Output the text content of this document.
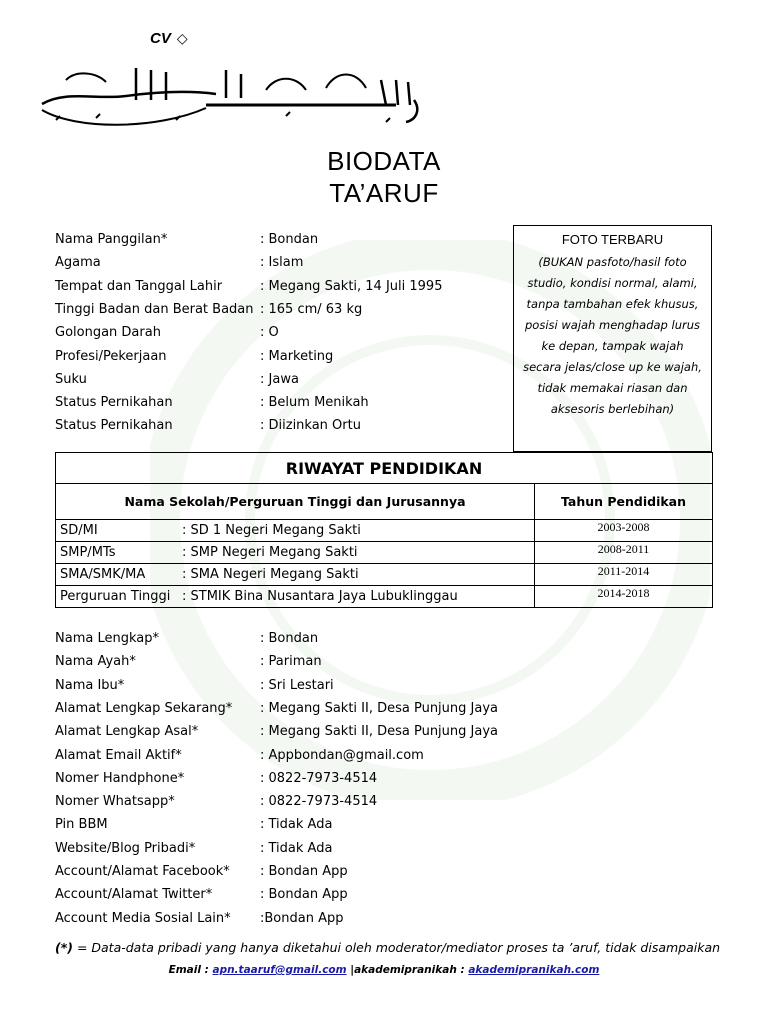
CV ◇
BIODATA
TA’ARUF
Nama Panggilan*	: Bondan
Agama	: Islam
Tempat dan Tanggal Lahir	: Megang Sakti, 14 Juli 1995
Tinggi Badan dan Berat Badan : 165 cm/ 63 kg
Golongan Darah	: O
Profesi/Pekerjaan	: Marketing
Suku	: Jawa
Status Pernikahan	: Belum Menikah
Status Pernikahan	: Diizinkan Ortu
FOTO TERBARU
(BUKAN pasfoto/hasil foto studio, kondisi normal, alami, tanpa tambahan efek khusus, posisi wajah menghadap lurus ke depan, tampak wajah secara jelas/close up ke wajah, tidak memakai riasan dan aksesoris berlebihan)
RIWAYAT PENDIDIKAN	
Nama Sekolah/Perguruan Tinggi dan Jurusannya	Tahun Pendidikan
SD/MI : SD 1 Negeri Megang Sakti	2003-2008
SMP/MTs : SMP Negeri Megang Sakti	2008-2011
SMA/SMK/MA : SMA Negeri Megang Sakti	2011-2014
Perguruan Tinggi : STMIK Bina Nusantara Jaya Lubuklinggau	2014-2018
Nama Lengkap*	: Bondan
Nama Ayah*	: Pariman
Nama Ibu*	: Sri Lestari
Alamat Lengkap Sekarang*	: Megang Sakti II, Desa Punjung Jaya
Alamat Lengkap Asal*	: Megang Sakti II, Desa Punjung Jaya
Alamat Email Aktif*	: Appbondan@gmail.com
Nomer Handphone*	: 0822-7973-4514
Nomer Whatsapp*	: 0822-7973-4514
Pin BBM	: Tidak Ada
Website/Blog Pribadi*	: Tidak Ada
Account/Alamat Facebook*	: Bondan App
Account/Alamat Twitter*	: Bondan App
Account Media Sosial Lain*	:Bondan App
(*) = Data-data pribadi yang hanya diketahui oleh moderator/mediator proses ta ’aruf, tidak disampaikan
Email : apn.taaruf@gmail.com |akademipranikah : akademipranikah.com
